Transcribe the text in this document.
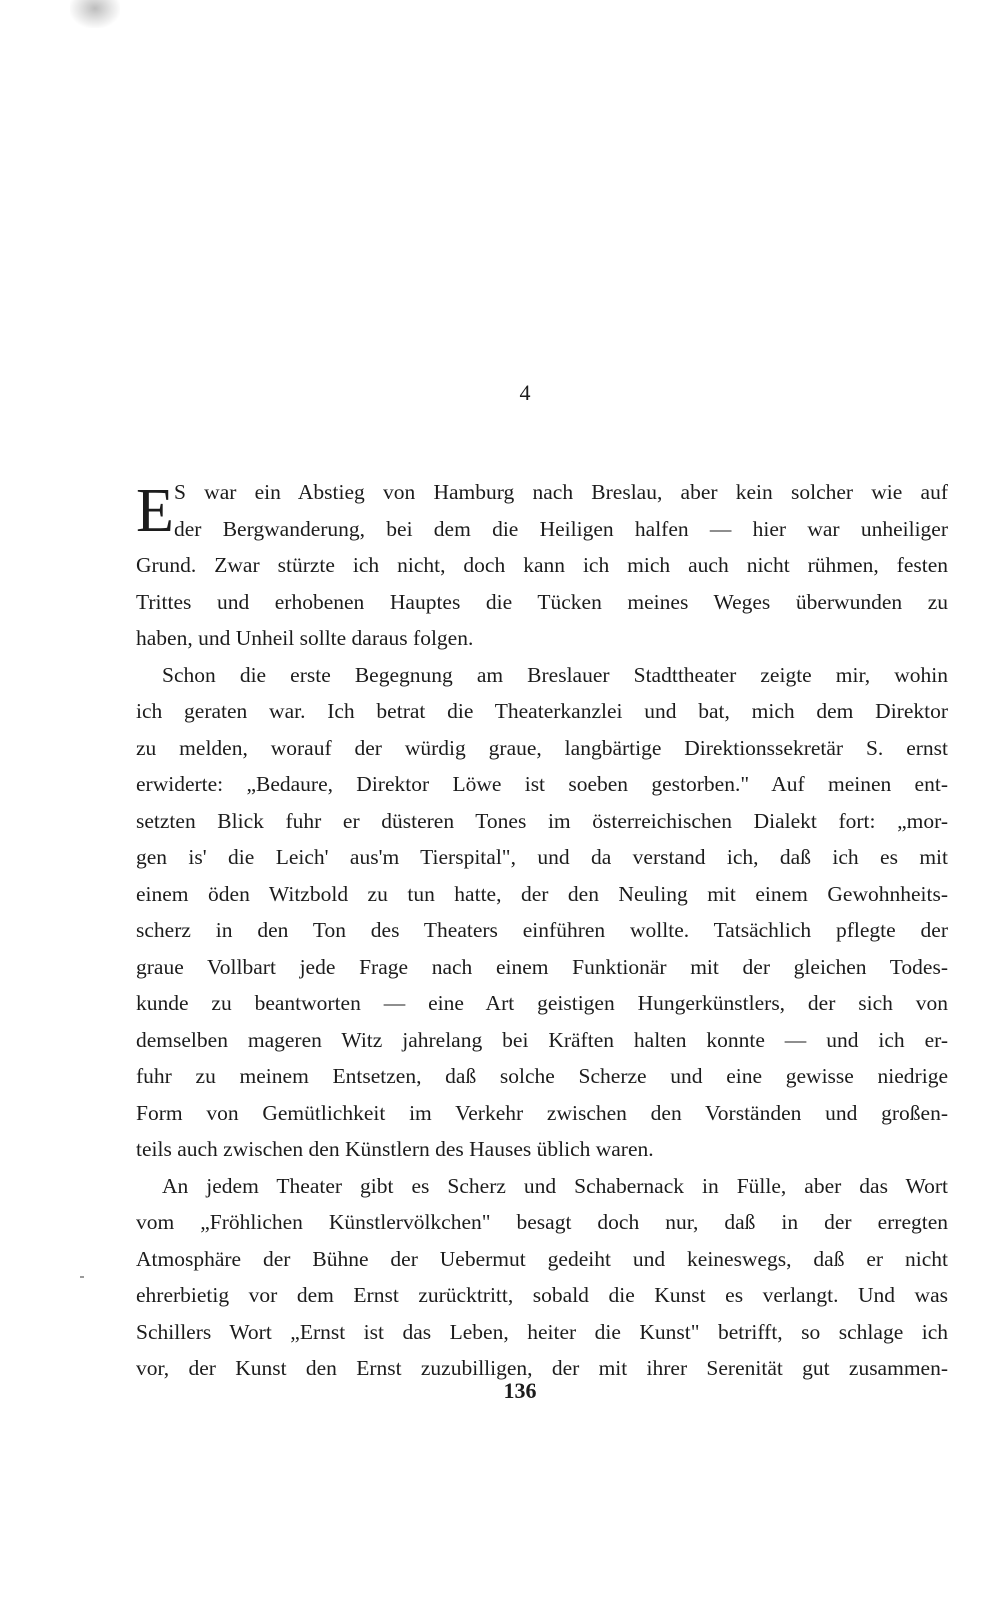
4
E S war ein Abstieg von Hamburg nach Breslau, aber kein solcher wie auf
der Bergwanderung, bei dem die Heiligen halfen — hier war unheiliger
Grund. Zwar stürzte ich nicht, doch kann ich mich auch nicht rühmen, festen
Trittes und erhobenen Hauptes die Tücken meines Weges überwunden zu
haben, und Unheil sollte daraus folgen.
Schon die erste Begegnung am Breslauer Stadttheater zeigte mir, wohin
ich geraten war. Ich betrat die Theaterkanzlei und bat, mich dem Direktor
zu melden, worauf der würdig graue, langbärtige Direktionssekretär S. ernst
erwiderte: „Bedaure, Direktor Löwe ist soeben gestorben." Auf meinen ent-
setzten Blick fuhr er düsteren Tones im österreichischen Dialekt fort: „mor-
gen is' die Leich' aus'm Tierspital", und da verstand ich, daß ich es mit
einem öden Witzbold zu tun hatte, der den Neuling mit einem Gewohnheits-
scherz in den Ton des Theaters einführen wollte. Tatsächlich pflegte der
graue Vollbart jede Frage nach einem Funktionär mit der gleichen Todes-
kunde zu beantworten — eine Art geistigen Hungerkünstlers, der sich von
demselben mageren Witz jahrelang bei Kräften halten konnte — und ich er-
fuhr zu meinem Entsetzen, daß solche Scherze und eine gewisse niedrige
Form von Gemütlichkeit im Verkehr zwischen den Vorständen und großen-
teils auch zwischen den Künstlern des Hauses üblich waren.
An jedem Theater gibt es Scherz und Schabernack in Fülle, aber das Wort
vom „Fröhlichen Künstlervölkchen" besagt doch nur, daß in der erregten
Atmosphäre der Bühne der Uebermut gedeiht und keineswegs, daß er nicht
ehrerbietig vor dem Ernst zurücktritt, sobald die Kunst es verlangt. Und was
Schillers Wort „Ernst ist das Leben, heiter die Kunst" betrifft, so schlage ich
vor, der Kunst den Ernst zuzubilligen, der mit ihrer Serenität gut zusammen-
136
